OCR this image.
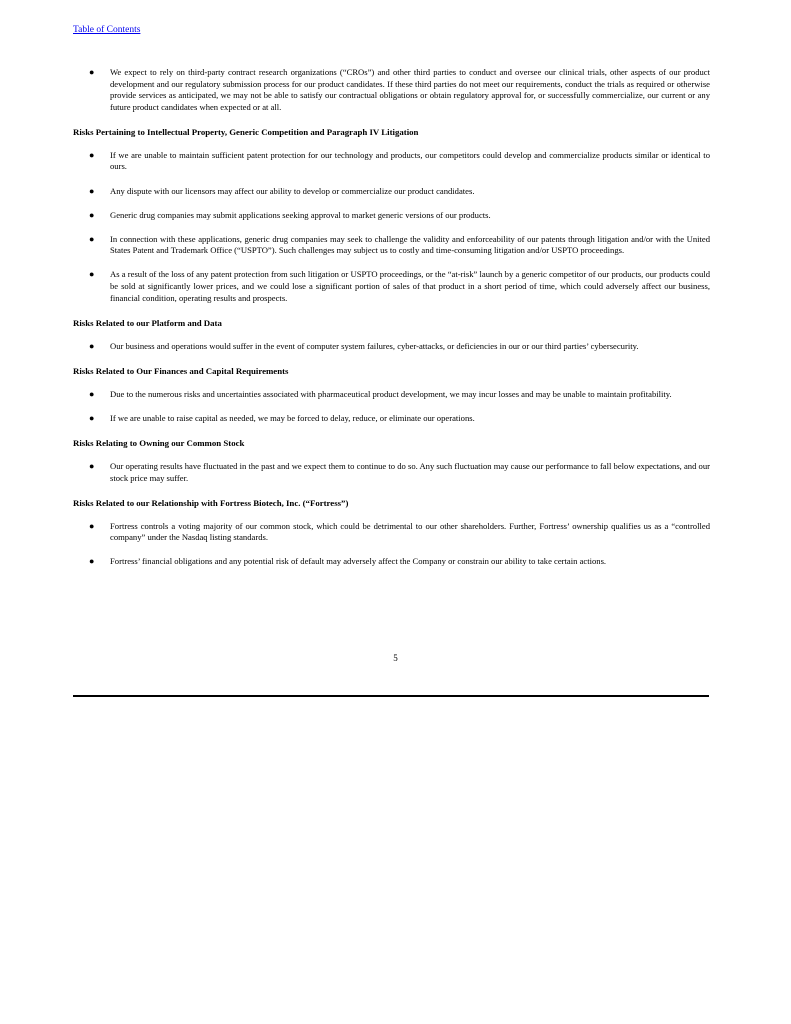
Table of Contents
● We expect to rely on third-party contract research organizations (“CROs”) and other third parties to conduct and oversee our clinical trials, other aspects of our product development and our regulatory submission process for our product candidates. If these third parties do not meet our requirements, conduct the trials as required or otherwise provide services as anticipated, we may not be able to satisfy our contractual obligations or obtain regulatory approval for, or successfully commercialize, our current or any future product candidates when expected or at all.
Risks Pertaining to Intellectual Property, Generic Competition and Paragraph IV Litigation
● If we are unable to maintain sufficient patent protection for our technology and products, our competitors could develop and commercialize products similar or identical to ours.
● Any dispute with our licensors may affect our ability to develop or commercialize our product candidates.
● Generic drug companies may submit applications seeking approval to market generic versions of our products.
● In connection with these applications, generic drug companies may seek to challenge the validity and enforceability of our patents through litigation and/or with the United States Patent and Trademark Office (“USPTO”). Such challenges may subject us to costly and time-consuming litigation and/or USPTO proceedings.
● As a result of the loss of any patent protection from such litigation or USPTO proceedings, or the “at-risk” launch by a generic competitor of our products, our products could be sold at significantly lower prices, and we could lose a significant portion of sales of that product in a short period of time, which could adversely affect our business, financial condition, operating results and prospects.
Risks Related to our Platform and Data
● Our business and operations would suffer in the event of computer system failures, cyber-attacks, or deficiencies in our or our third parties’ cybersecurity.
Risks Related to Our Finances and Capital Requirements
● Due to the numerous risks and uncertainties associated with pharmaceutical product development, we may incur losses and may be unable to maintain profitability.
● If we are unable to raise capital as needed, we may be forced to delay, reduce, or eliminate our operations.
Risks Relating to Owning our Common Stock
● Our operating results have fluctuated in the past and we expect them to continue to do so. Any such fluctuation may cause our performance to fall below expectations, and our stock price may suffer.
Risks Related to our Relationship with Fortress Biotech, Inc. (“Fortress”)
● Fortress controls a voting majority of our common stock, which could be detrimental to our other shareholders. Further, Fortress’ ownership qualifies us as a “controlled company” under the Nasdaq listing standards.
● Fortress’ financial obligations and any potential risk of default may adversely affect the Company or constrain our ability to take certain actions.
5
